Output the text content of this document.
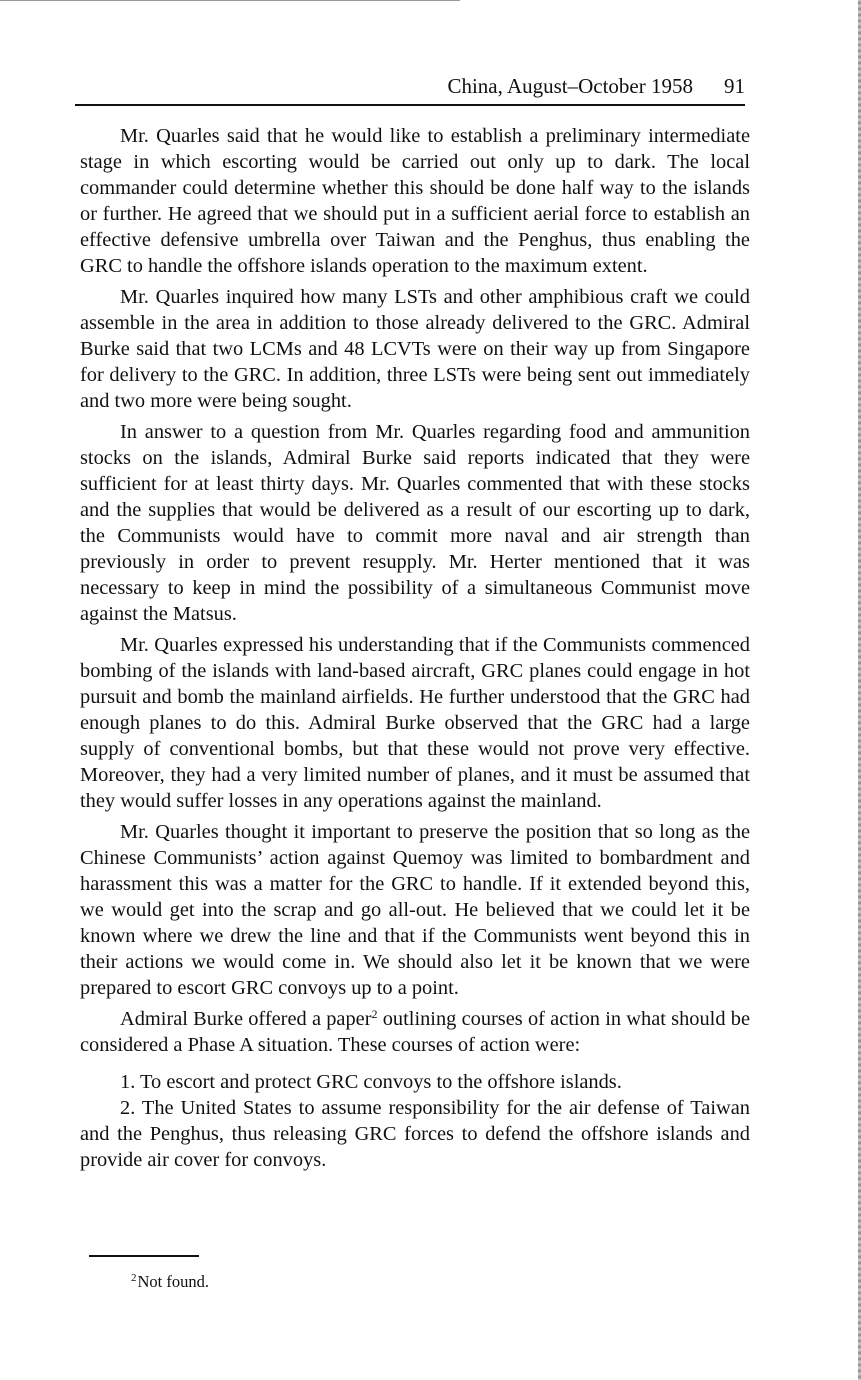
China, August–October 1958 91

Mr. Quarles said that he would like to establish a preliminary intermediate stage in which escorting would be carried out only up to dark. The local commander could determine whether this should be done half way to the islands or further. He agreed that we should put in a sufficient aerial force to establish an effective defensive umbrella over Taiwan and the Penghus, thus enabling the GRC to handle the offshore islands operation to the maximum extent.

Mr. Quarles inquired how many LSTs and other amphibious craft we could assemble in the area in addition to those already delivered to the GRC. Admiral Burke said that two LCMs and 48 LCVTs were on their way up from Singapore for delivery to the GRC. In addition, three LSTs were being sent out immediately and two more were being sought.

In answer to a question from Mr. Quarles regarding food and ammunition stocks on the islands, Admiral Burke said reports indicated that they were sufficient for at least thirty days. Mr. Quarles commented that with these stocks and the supplies that would be delivered as a result of our escorting up to dark, the Communists would have to commit more naval and air strength than previously in order to prevent resupply. Mr. Herter mentioned that it was necessary to keep in mind the possibility of a simultaneous Communist move against the Matsus.

Mr. Quarles expressed his understanding that if the Communists commenced bombing of the islands with land-based aircraft, GRC planes could engage in hot pursuit and bomb the mainland airfields. He further understood that the GRC had enough planes to do this. Admiral Burke observed that the GRC had a large supply of conventional bombs, but that these would not prove very effective. Moreover, they had a very limited number of planes, and it must be assumed that they would suffer losses in any operations against the mainland.

Mr. Quarles thought it important to preserve the position that so long as the Chinese Communists’ action against Quemoy was limited to bombardment and harassment this was a matter for the GRC to handle. If it extended beyond this, we would get into the scrap and go all-out. He believed that we could let it be known where we drew the line and that if the Communists went beyond this in their actions we would come in. We should also let it be known that we were prepared to escort GRC convoys up to a point.

Admiral Burke offered a paper$^2$ outlining courses of action in what should be considered a Phase A situation. These courses of action were:

1. To escort and protect GRC convoys to the offshore islands.

2. The United States to assume responsibility for the air defense of Taiwan and the Penghus, thus releasing GRC forces to defend the offshore islands and provide air cover for convoys.

$^2$Not found.
